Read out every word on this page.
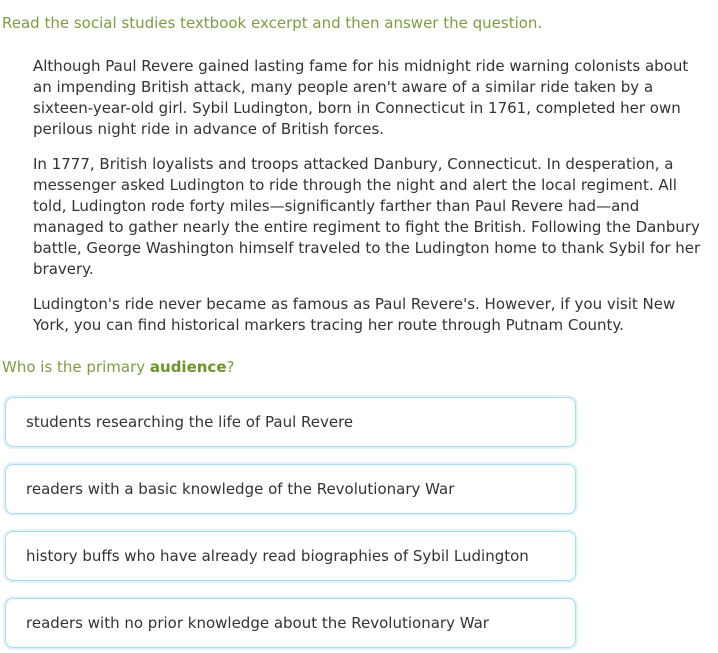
Read the social studies textbook excerpt and then answer the question.

Although Paul Revere gained lasting fame for his midnight ride warning colonists about an impending British attack, many people aren't aware of a similar ride taken by a sixteen-year-old girl. Sybil Ludington, born in Connecticut in 1761, completed her own perilous night ride in advance of British forces.

In 1777, British loyalists and troops attacked Danbury, Connecticut. In desperation, a messenger asked Ludington to ride through the night and alert the local regiment. All told, Ludington rode forty miles—significantly farther than Paul Revere had—and managed to gather nearly the entire regiment to fight the British. Following the Danbury battle, George Washington himself traveled to the Ludington home to thank Sybil for her bravery.

Ludington's ride never became as famous as Paul Revere's. However, if you visit New York, you can find historical markers tracing her route through Putnam County.

Who is the primary audience?
students researching the life of Paul Revere
readers with a basic knowledge of the Revolutionary War
history buffs who have already read biographies of Sybil Ludington
readers with no prior knowledge about the Revolutionary War
